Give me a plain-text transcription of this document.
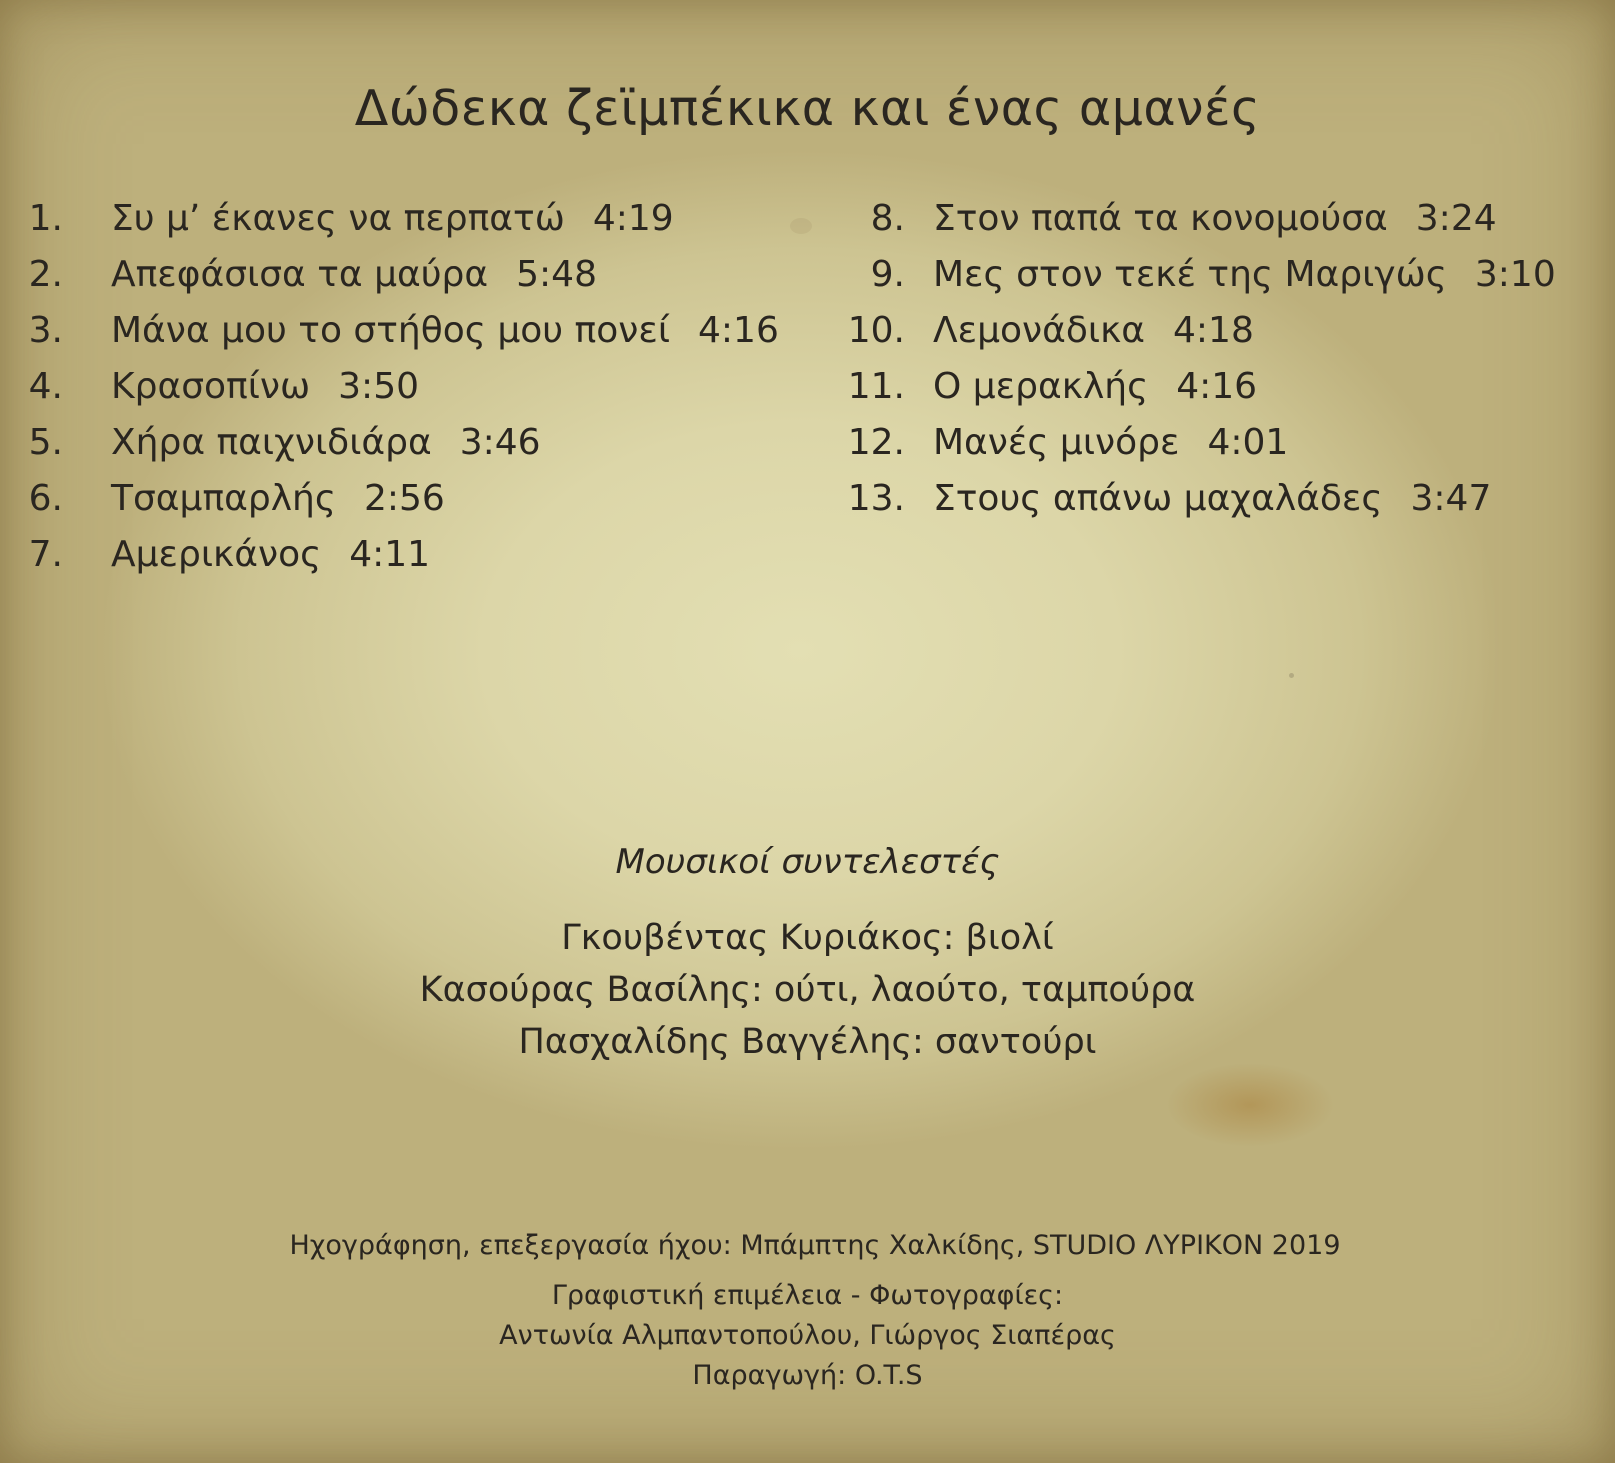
Δώδεκα ζεϊμπέκικα και ένας αμανές
1. Συ μ’ έκανες να περπατώ 4:19
2. Απεφάσισα τα μαύρα 5:48
3. Μάνα μου το στήθος μου πονεί 4:16
4. Κρασοπίνω 3:50
5. Χήρα παιχνιδιάρα 3:46
6. Τσαμπαρλής 2:56
7. Αμερικάνος 4:11
8. Στον παπά τα κονομούσα 3:24
9. Μες στον τεκέ της Μαριγώς 3:10
10. Λεμονάδικα 4:18
11. Ο μερακλής 4:16
12. Μανές μινόρε 4:01
13. Στους απάνω μαχαλάδες 3:47
Μουσικοί συντελεστές
Γκουβέντας Κυριάκος: βιολί
Κασούρας Βασίλης: ούτι, λαούτο, ταμπούρα
Πασχαλίδης Βαγγέλης: σαντούρι
Ηχογράφηση, επεξεργασία ήχου: Μπάμπτης Χαλκίδης, STUDIO ΛΥΡΙΚΟΝ 2019
Γραφιστική επιμέλεια - Φωτογραφίες:
Αντωνία Αλμπαντοπούλου, Γιώργος Σιαπέρας
Παραγωγή: O.T.S
